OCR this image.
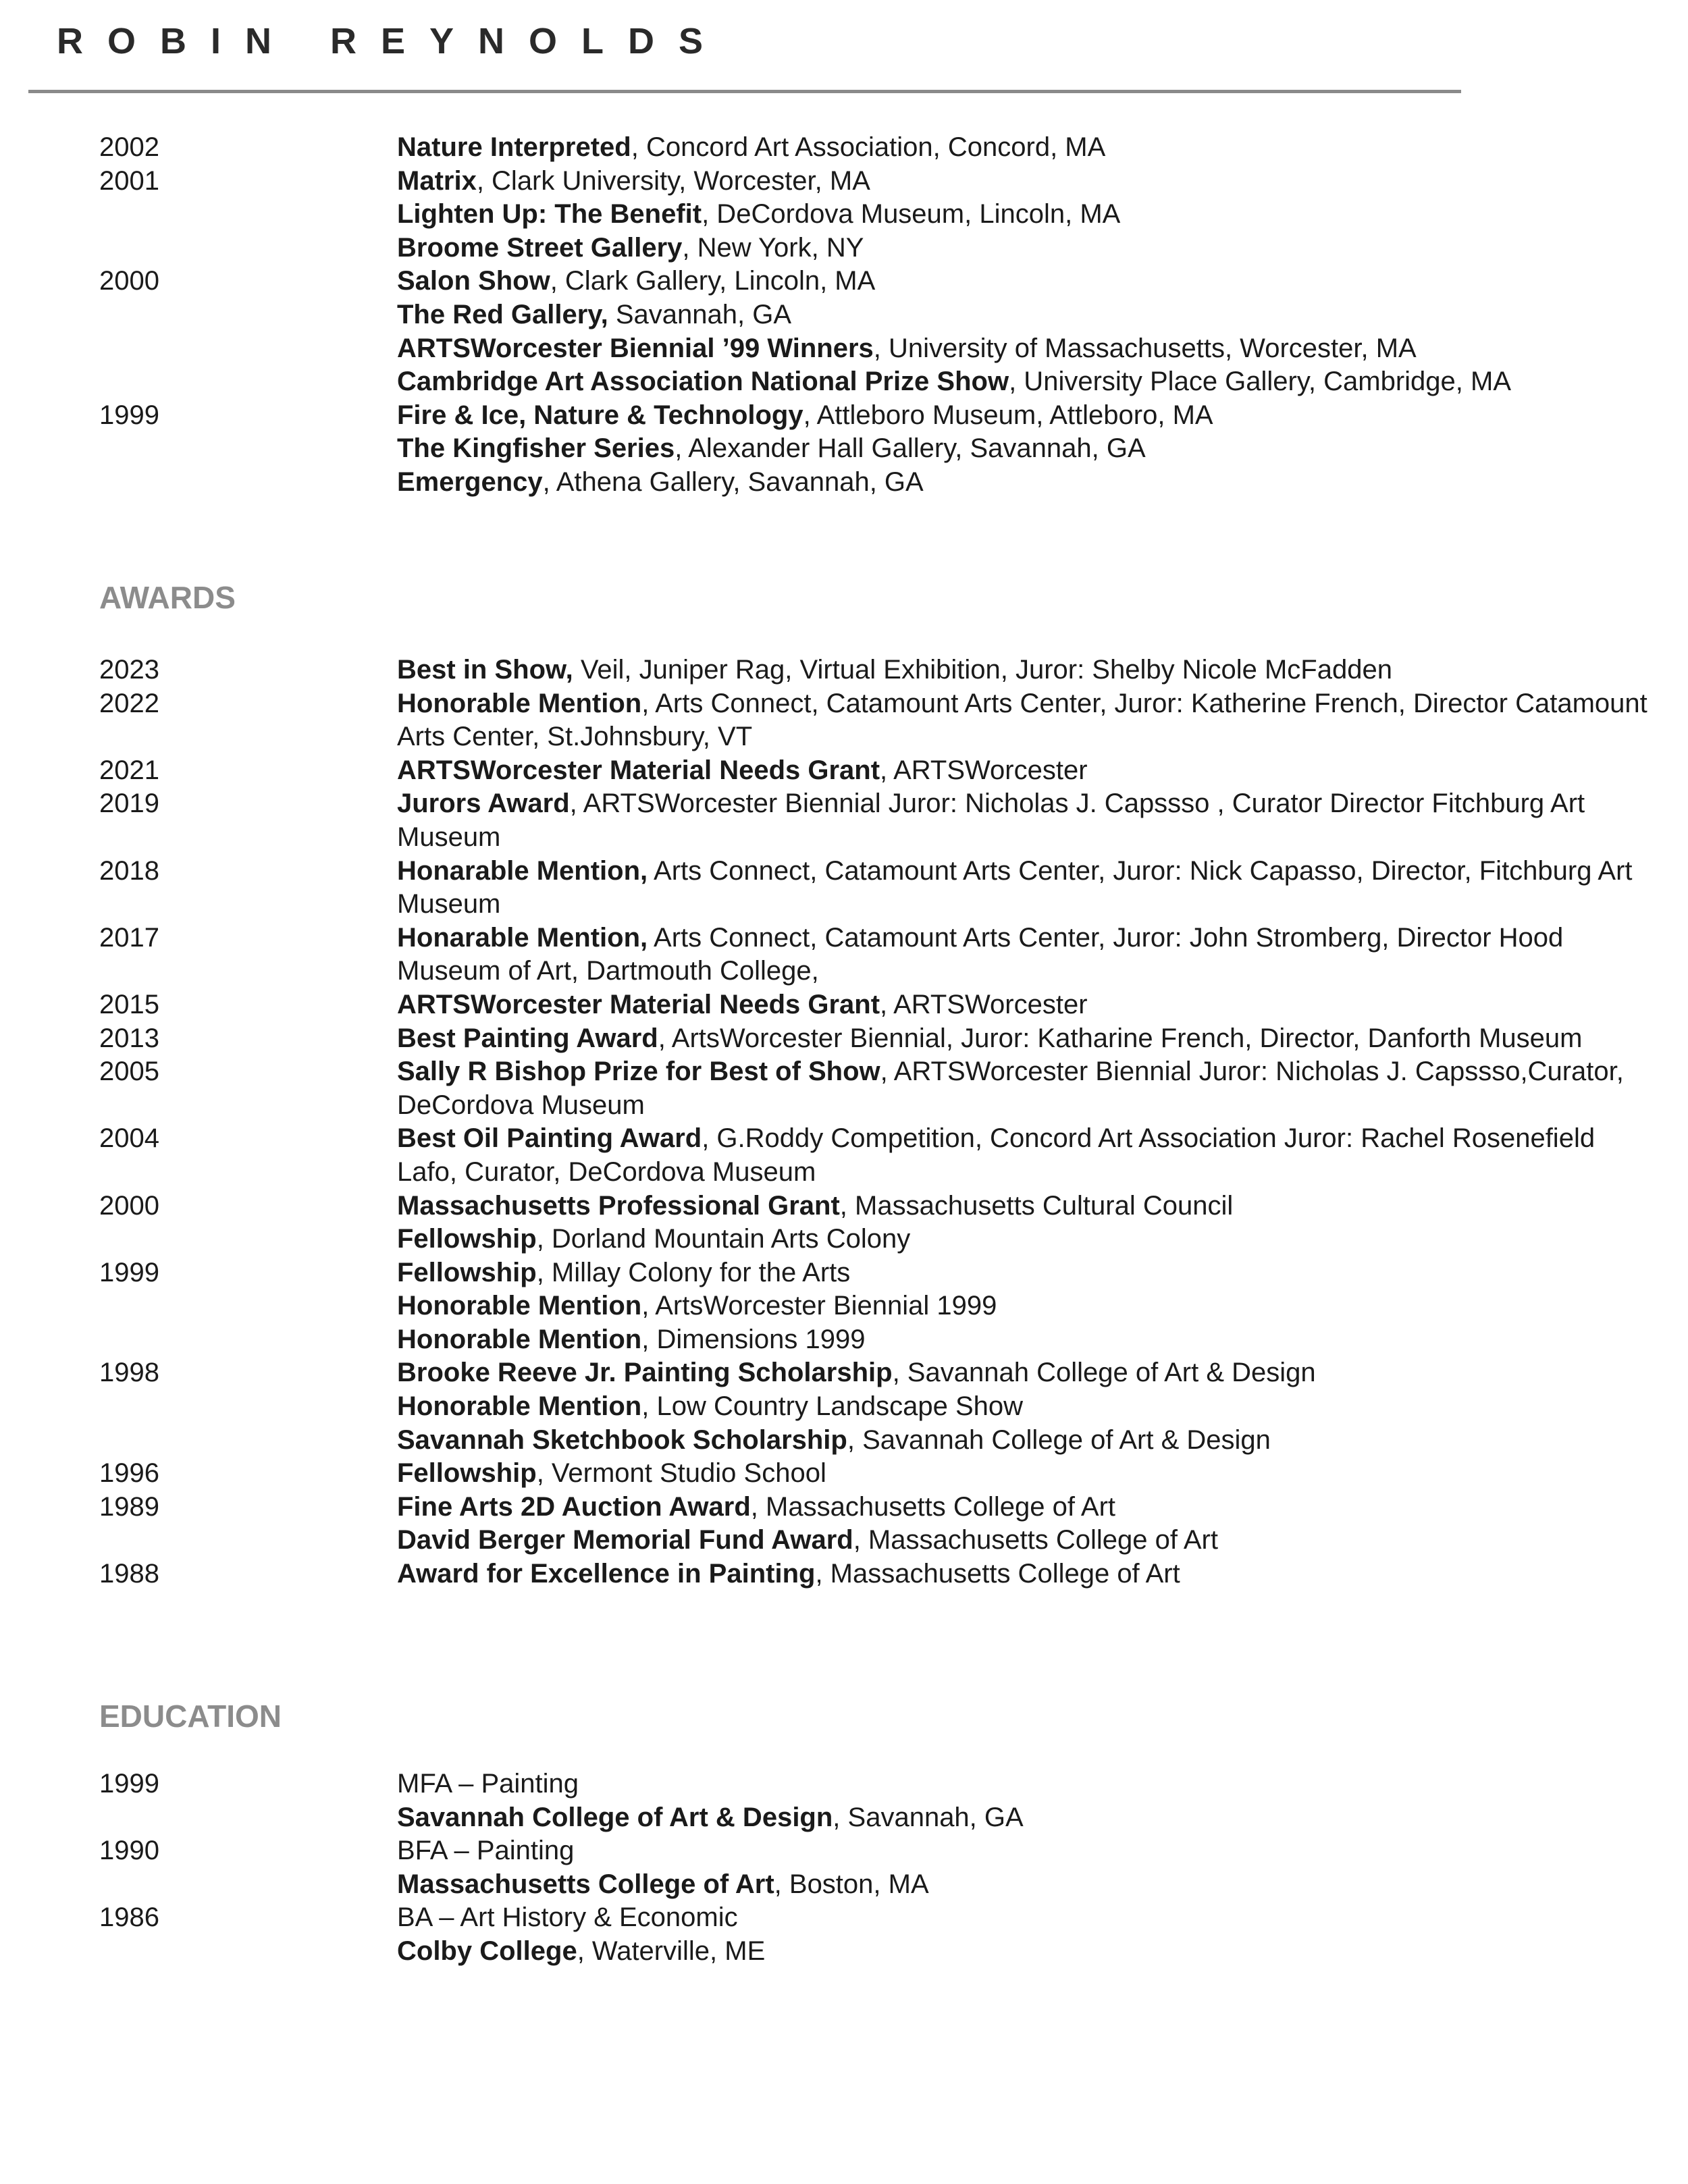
ROBIN REYNOLDS
2002	Nature Interpreted, Concord Art Association, Concord, MA
2001	Matrix, Clark University, Worcester, MA
Lighten Up: The Benefit, DeCordova Museum, Lincoln, MA
Broome Street Gallery, New York, NY
2000	Salon Show, Clark Gallery, Lincoln, MA
The Red Gallery, Savannah, GA
ARTSWorcester Biennial ’99 Winners, University of Massachusetts, Worcester, MA
Cambridge Art Association National Prize Show, University Place Gallery, Cambridge, MA
1999	Fire & Ice, Nature & Technology, Attleboro Museum, Attleboro, MA
The Kingfisher Series, Alexander Hall Gallery, Savannah, GA
Emergency, Athena Gallery, Savannah, GA
AWARDS
2023	Best in Show, Veil, Juniper Rag, Virtual Exhibition, Juror: Shelby Nicole McFadden
2022	Honorable Mention, Arts Connect, Catamount Arts Center, Juror: Katherine French, Director Catamount Arts Center, St.Johnsbury, VT
2021	ARTSWorcester Material Needs Grant, ARTSWorcester
2019	Jurors Award, ARTSWorcester Biennial Juror: Nicholas J. Capssso , Curator Director Fitchburg Art Museum
2018	Honarable Mention, Arts Connect, Catamount Arts Center, Juror: Nick Capasso, Director, Fitchburg Art Museum
2017	Honarable Mention, Arts Connect, Catamount Arts Center, Juror: John Stromberg, Director Hood Museum of Art, Dartmouth College,
2015	ARTSWorcester Material Needs Grant, ARTSWorcester
2013	Best Painting Award, ArtsWorcester Biennial, Juror: Katharine French, Director, Danforth Museum
2005	Sally R Bishop Prize for Best of Show, ARTSWorcester Biennial Juror: Nicholas J. Capssso,Curator, DeCordova Museum
2004	Best Oil Painting Award, G.Roddy Competition, Concord Art Association Juror: Rachel Rosenefield Lafo, Curator, DeCordova Museum
2000	Massachusetts Professional Grant, Massachusetts Cultural Council
Fellowship, Dorland Mountain Arts Colony
1999	Fellowship, Millay Colony for the Arts
Honorable Mention, ArtsWorcester Biennial 1999
Honorable Mention, Dimensions 1999
1998	Brooke Reeve Jr. Painting Scholarship, Savannah College of Art & Design
Honorable Mention, Low Country Landscape Show
Savannah Sketchbook Scholarship, Savannah College of Art & Design
1996	Fellowship, Vermont Studio School
1989	Fine Arts 2D Auction Award, Massachusetts College of Art
David Berger Memorial Fund Award, Massachusetts College of Art
1988	Award for Excellence in Painting, Massachusetts College of Art
EDUCATION
1999	MFA – Painting
Savannah College of Art & Design, Savannah, GA
1990	BFA – Painting
Massachusetts College of Art, Boston, MA
1986	BA – Art History & Economic
Colby College, Waterville, ME
